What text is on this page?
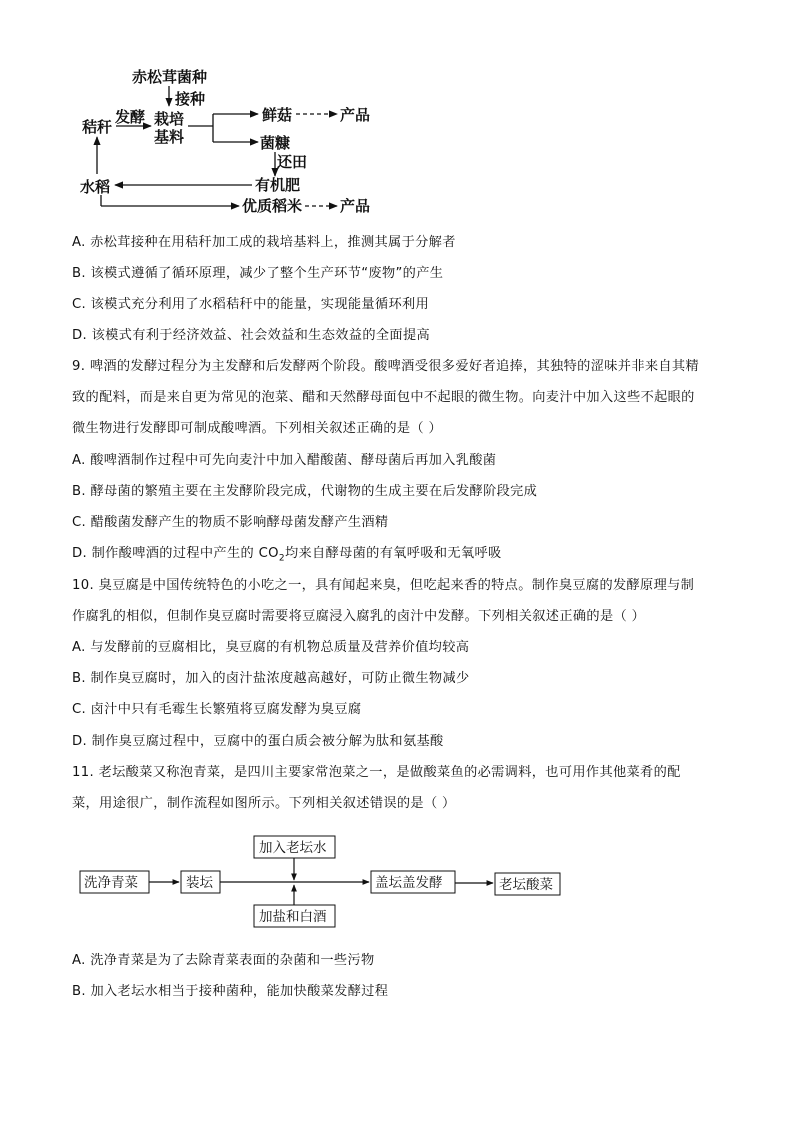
赤松茸菌种
接种
秸秆
发酵 栽培
基料
鲜菇	产品
菌糠
还田
有机肥
水稻
优质稻米	产品

A. 赤松茸接种在用秸秆加工成的栽培基料上，推测其属于分解者

B. 该模式遵循了循环原理，减少了整个生产环节“废物”的产生

C. 该模式充分利用了水稻秸秆中的能量，实现能量循环利用

D. 该模式有利于经济效益、社会效益和生态效益的全面提高

9. 啤酒的发酵过程分为主发酵和后发酵两个阶段。酸啤酒受很多爱好者追捧，其独特的涩味并非来自其精

致的配料，而是来自更为常见的泡菜、醋和天然酵母面包中不起眼的微生物。向麦汁中加入这些不起眼的

微生物进行发酵即可制成酸啤酒。下列相关叙述正确的是（ ）

A. 酸啤酒制作过程中可先向麦汁中加入醋酸菌、酵母菌后再加入乳酸菌

B. 酵母菌的繁殖主要在主发酵阶段完成，代谢物的生成主要在后发酵阶段完成

C. 醋酸菌发酵产生的物质不影响酵母菌发酵产生酒精

D. 制作酸啤酒的过程中产生的 $CO_2$均来自酵母菌的有氧呼吸和无氧呼吸

10. 臭豆腐是中国传统特色的小吃之一，具有闻起来臭，但吃起来香的特点。制作臭豆腐的发酵原理与制

作腐乳的相似，但制作臭豆腐时需要将豆腐浸入腐乳的卤汁中发酵。下列相关叙述正确的是（ ）

A. 与发酵前的豆腐相比，臭豆腐的有机物总质量及营养价值均较高

B. 制作臭豆腐时，加入的卤汁盐浓度越高越好，可防止微生物减少

C. 卤汁中只有毛霉生长繁殖将豆腐发酵为臭豆腐

D. 制作臭豆腐过程中，豆腐中的蛋白质会被分解为肽和氨基酸

11. 老坛酸菜又称泡青菜，是四川主要家常泡菜之一，是做酸菜鱼的必需调料，也可用作其他菜肴的配

菜，用途很广，制作流程如图所示。下列相关叙述错误的是（ ）

洗净青菜	装坛
加入老坛水
加盐和白酒
盖坛盖发酵	老坛酸菜

A. 洗净青菜是为了去除青菜表面的杂菌和一些污物

B. 加入老坛水相当于接种菌种，能加快酸菜发酵过程
